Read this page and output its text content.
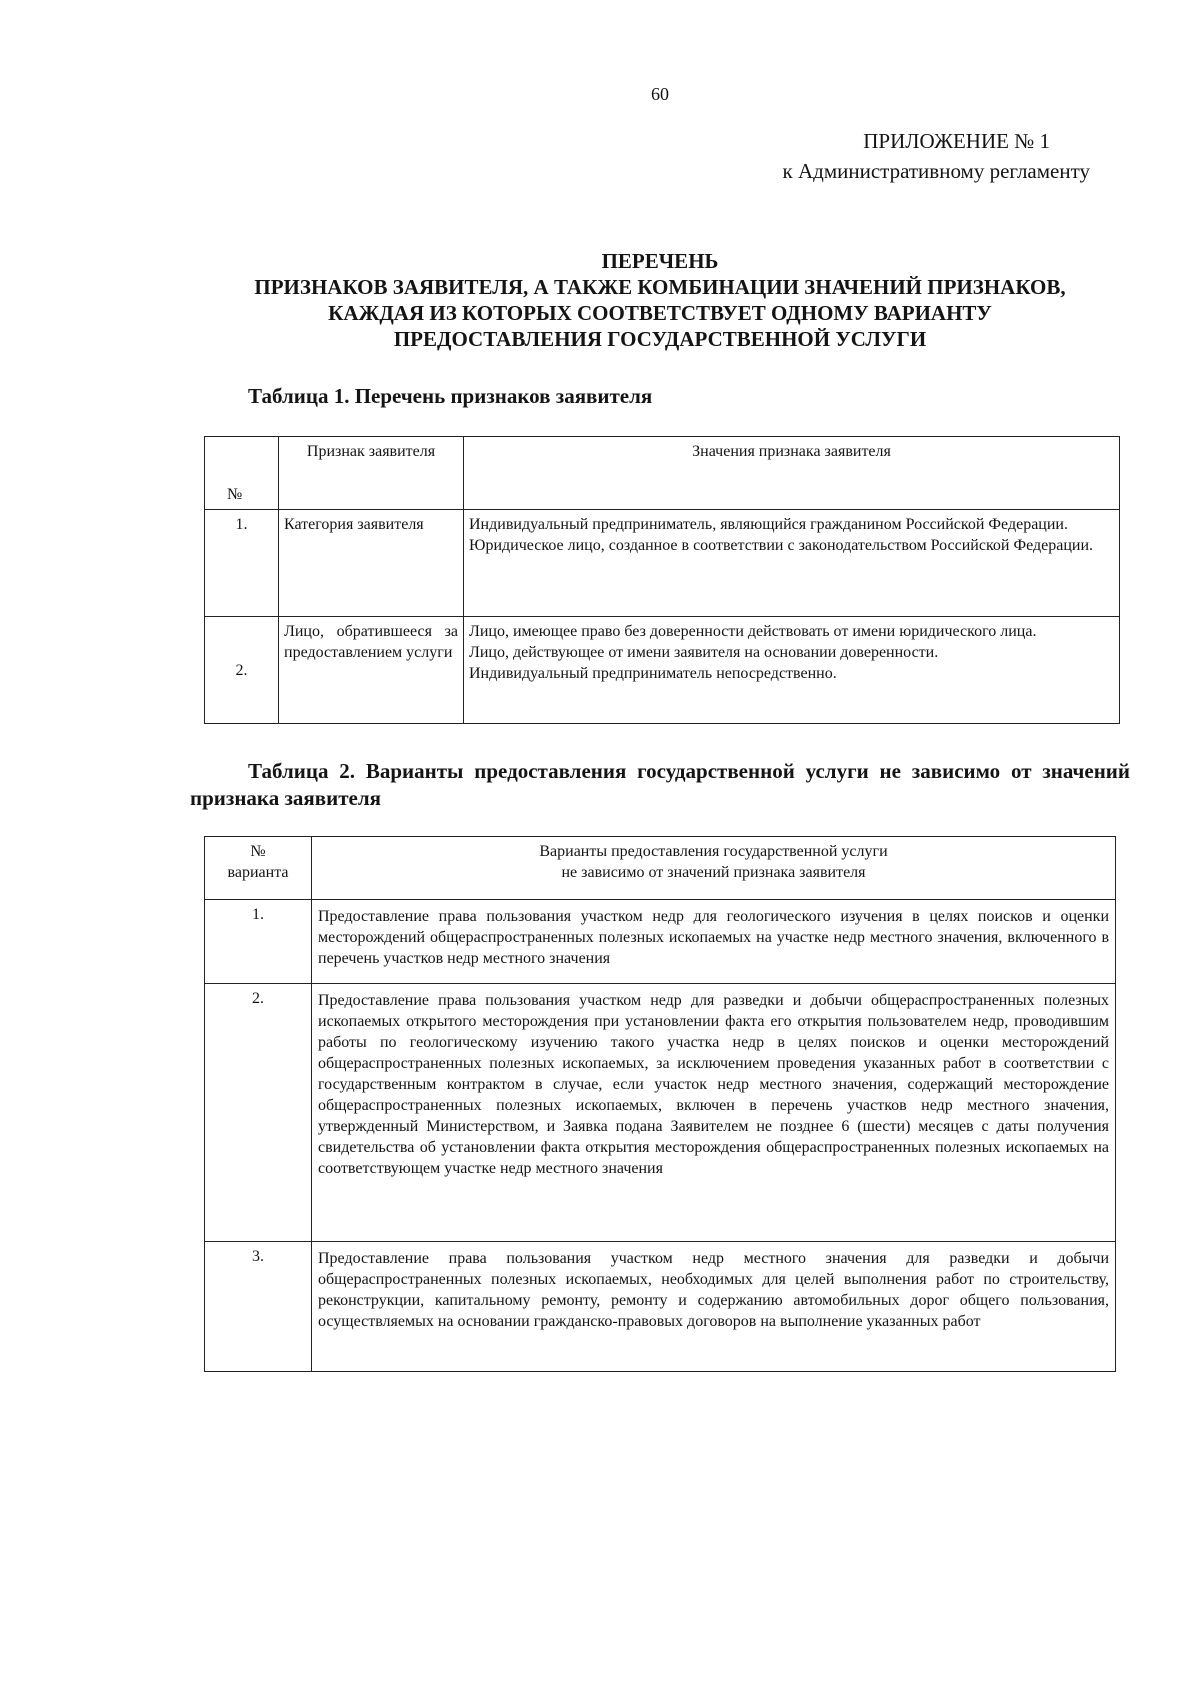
60
ПРИЛОЖЕНИЕ № 1
к Административному регламенту
ПЕРЕЧЕНЬ
ПРИЗНАКОВ ЗАЯВИТЕЛЯ, А ТАКЖЕ КОМБИНАЦИИ ЗНАЧЕНИЙ ПРИЗНАКОВ,
КАЖДАЯ ИЗ КОТОРЫХ СООТВЕТСТВУЕТ ОДНОМУ ВАРИАНТУ
ПРЕДОСТАВЛЕНИЯ ГОСУДАРСТВЕННОЙ УСЛУГИ
Таблица 1. Перечень признаков заявителя
№	Признак заявителя	Значения признака заявителя
1.	Категория заявителя	Индивидуальный предприниматель, являющийся гражданином Российской Федерации.
Юридическое лицо, созданное в соответствии с законодательством Российской Федерации.

2.	Лицо, обратившееся за предоставлением услуги	Лицо, имеющее право без доверенности действовать от имени юридического лица.
Лицо, действующее от имени заявителя на основании доверенности.
Индивидуальный предприниматель непосредственно.
Таблица 2. Варианты предоставления государственной услуги не зависимо от значений признака заявителя
№
варианта	Варианты предоставления государственной услуги
не зависимо от значений признака заявителя

1.	Предоставление права пользования участком недр для геологического изучения в целях поисков и оценки месторождений общераспространенных полезных ископаемых на участке недр местного значения, включенного в перечень участков недр местного значения
2.	Предоставление права пользования участком недр для разведки и добычи общераспространенных полезных ископаемых открытого месторождения при установлении факта его открытия пользователем недр, проводившим работы по геологическому изучению такого участка недр в целях поисков и оценки месторождений общераспространенных полезных ископаемых, за исключением проведения указанных работ в соответствии с государственным контрактом в случае, если участок недр местного значения, содержащий месторождение общераспространенных полезных ископаемых, включен в перечень участков недр местного значения, утвержденный Министерством, и Заявка подана Заявителем не позднее 6 (шести) месяцев с даты получения свидетельства об установлении факта открытия месторождения общераспространенных полезных ископаемых на соответствующем участке недр местного значения
3.	Предоставление права пользования участком недр местного значения для разведки и добычи общераспространенных полезных ископаемых, необходимых для целей выполнения работ по строительству, реконструкции, капитальному ремонту, ремонту и содержанию автомобильных дорог общего пользования, осуществляемых на основании гражданско-правовых договоров на выполнение указанных работ
